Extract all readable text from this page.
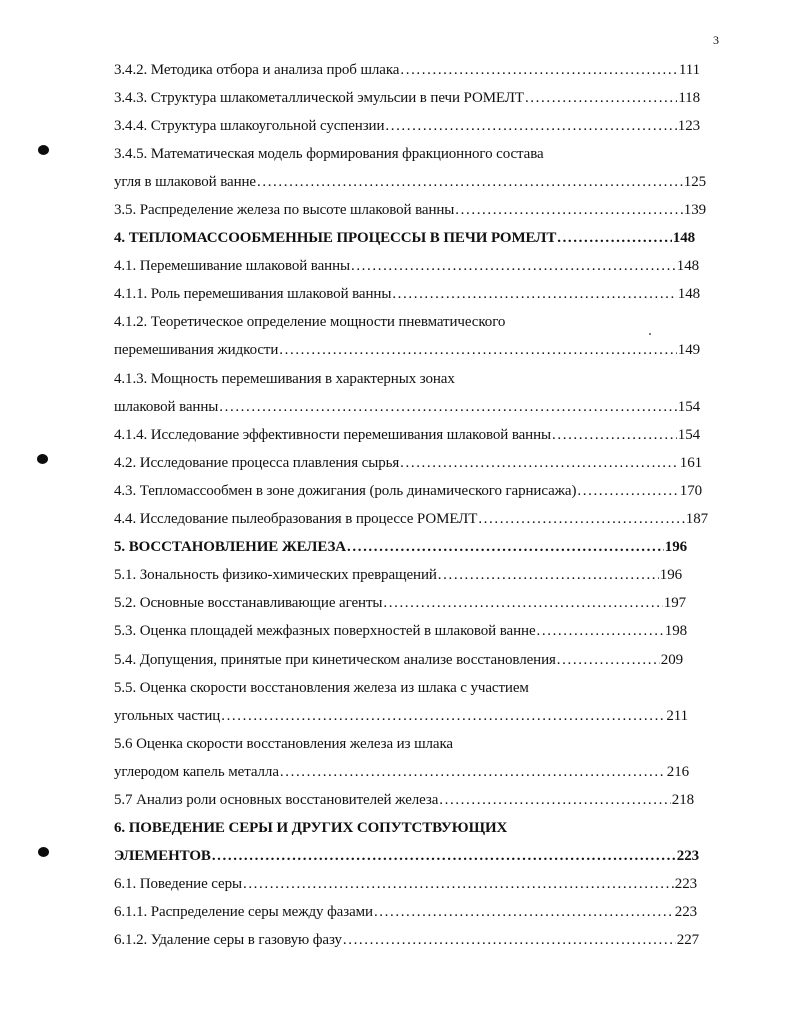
3
3.4.2. Методика отбора и анализа проб шлака .....	111
3.4.3. Структура шлакометаллической эмульсии в печи РОМЕЛТ .....	118
3.4.4. Структура шлакоугольной суспензии .....	123
3.4.5. Математическая модель формирования фракционного состава
угля в шлаковой ванне .....	125
3.5. Распределение железа по высоте шлаковой ванны .....	139
4. ТЕПЛОМАССООБМЕННЫЕ ПРОЦЕССЫ В ПЕЧИ РОМЕЛТ .....	148
4.1. Перемешивание шлаковой ванны .....	148
4.1.1. Роль перемешивания шлаковой ванны .....	148
4.1.2. Теоретическое определение мощности пневматического
перемешивания жидкости .....	149
4.1.3. Мощность перемешивания в характерных зонах
шлаковой ванны .....	154
4.1.4. Исследование эффективности перемешивания шлаковой ванны .....	154
4.2. Исследование процесса плавления сырья .....	161
4.3. Тепломассообмен в зоне дожигания (роль динамического гарнисажа) .....	170
4.4. Исследование пылеобразования в процессе РОМЕЛТ .....	187
5. ВОССТАНОВЛЕНИЕ ЖЕЛЕЗА .....	196
5.1. Зональность физико-химических превращений .....	196
5.2. Основные восстанавливающие агенты .....	197
5.3. Оценка площадей межфазных поверхностей в шлаковой ванне .....	198
5.4. Допущения, принятые при кинетическом анализе восстановления .....	209
5.5. Оценка скорости восстановления железа из шлака с участием
угольных частиц .....	211
5.6 Оценка скорости восстановления железа из шлака
углеродом капель металла .....	216
5.7 Анализ роли основных восстановителей железа .....	218
6. ПОВЕДЕНИЕ СЕРЫ И ДРУГИХ СОПУТСТВУЮЩИХ
ЭЛЕМЕНТОВ .....	223
6.1. Поведение серы .....	223
6.1.1. Распределение серы между фазами .....	223
6.1.2. Удаление серы в газовую фазу .....	227
